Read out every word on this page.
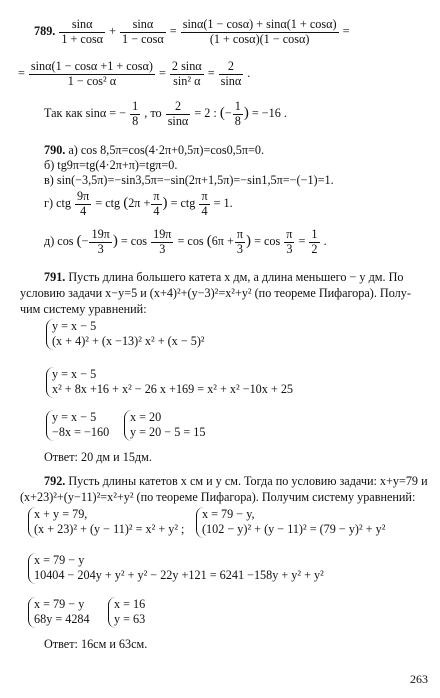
789. $\frac{\sin\alpha}{1 + \cos\alpha} + \frac{\sin\alpha}{1 - \cos\alpha} = \frac{\sin\alpha(1 - \cos\alpha) + \sin\alpha(1 + \cos\alpha)}{(1 + \cos\alpha)(1 - \cos\alpha)}$ =
= $\frac{\sin\alpha(1 - \cos\alpha +1 + \cos\alpha)}{\text{1 − cos² α}} = \frac{2 \sin\alpha}{\text{sin² α}} = \frac{2}{\sin\alpha}$ .
Так как sinα = − $\frac{1}{8}$ , то $\frac{2}{\sin\alpha} = 2$ : (− $\frac{1}{8}$ ) = −16 .
790. а) cos 8,5π=cos(4·2π+0,5π)=cos0,5π=0.
б) tg9π=tg(4·2π+π)=tgπ=0.
в) sin(−3,5π)=−sin3,5π=−sin(2π+1,5π)=−sin1,5π=−(−1)=1.
г) ctg $\frac{9\pi}{4}$ = ctg ($2\pi + \frac{\pi}{4}$ ) = ctg $\frac{\pi}{4} = 1$.
д) cos (− $\frac{19\pi}{3}$ ) = $\cos \frac{19\pi}{3} = \cos (6\pi + \frac{\pi}{3}$ ) = $\cos \frac{\pi}{3} = \frac{1}{2}$ .
791. Пусть длина большего катета x дм, а длина меньшего − y дм. По
условию задачи x−y=5 и (x+4)²+(y−3)²=x²+y² (по теореме Пифагора). Полу-
чим систему уравнений:
y = x − 5
(x + 4)² + (x −13)² x² + (x − 5)²
y = x − 5
x² + 8x +16 + x² − 26 x +169 = x² + x² −10x + 25
y = x − 5
−8x = −160
x = 20
y = 20 − 5 = 15
Ответ: 20 дм и 15дм.
792. Пусть длины катетов x см и y см. Тогда по условию задачи: x+y=79 и
(x+23)²+(y−11)²=x²+y² (по теореме Пифагора). Получим систему уравнений:
x + y = 79,
(x + 23)² + (y − 11)² = x² + y² ;
x = 79 − y,
(102 − y)² + (y − 11)² = (79 − y)² + y²
x = 79 − y
10404 − 204y + y² + y² − 22y +121 = 6241 −158y + y² + y²
x = 79 − y
68y = 4284
x = 16
y = 63
Ответ: 16см и 63см.
263
